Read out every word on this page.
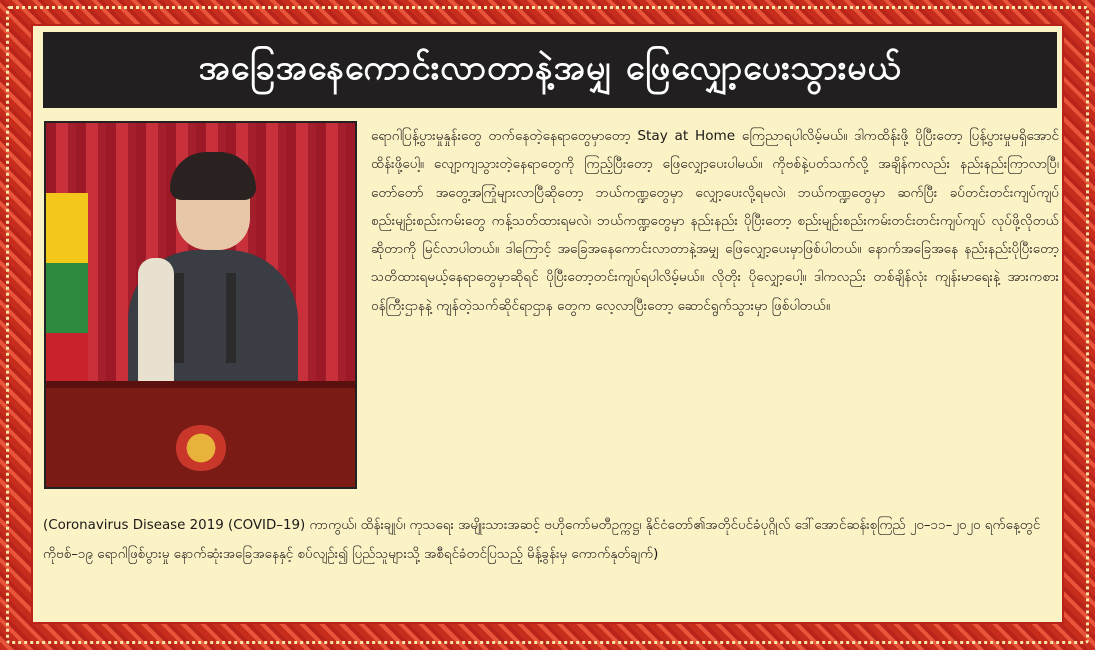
အခြေအနေကောင်းလာတာနဲ့အမျှ ဖြေလျှော့ပေးသွားမယ်
ရောဂါပြန့်ပွားမှုနှုန်းတွေ တက်နေတဲ့နေရာတွေမှာတော့ Stay at Home ကြေညာရပါလိမ့်မယ်။ ဒါကထိန်းဖို့ ပိုပြီးတော့ ပြန့်ပွားမှုမရှိအောင် ထိန်းဖို့ပေါ့။ လျော့ကျသွားတဲ့နေရာတွေကို ကြည့်ပြီးတော့ ဖြေလျှော့ပေးပါမယ်။ ကိုဗစ်နဲ့ပတ်သက်လို့ အချိန်ကလည်း နည်းနည်းကြာလာပြီ၊ တော်တော် အတွေ့အကြုံများလာပြီဆိုတော့ ဘယ်ကဏ္ဍတွေမှာ လျှော့ပေးလို့ရမလဲ၊ ဘယ်ကဏ္ဍတွေမှာ ဆက်ပြီး ခပ်တင်းတင်းကျပ်ကျပ် စည်းမျဉ်းစည်းကမ်းတွေ ကန့်သတ်ထားရမလဲ၊ ဘယ်ကဏ္ဍတွေမှာ နည်းနည်း ပိုပြီးတော့ စည်းမျဉ်းစည်းကမ်းတင်းတင်းကျပ်ကျပ် လုပ်ဖို့လိုတယ်ဆိုတာကို မြင်လာပါတယ်။ ဒါကြောင့် အခြေအနေကောင်းလာတာနဲ့အမျှ ဖြေလျှော့ပေးမှာဖြစ်ပါတယ်။ နောက်အခြေအနေ နည်းနည်းပိုပြီးတော့ သတိထားရမယ့်နေရာတွေမှာဆိုရင် ပိုပြီးတော့တင်းကျပ်ရပါလိမ့်မယ်။ လိုတိုး ပိုလျှော့ပေါ့။ ဒါကလည်း တစ်ချိန်လုံး ကျန်းမာရေးနဲ့ အားကစားဝန်ကြီးဌာနနဲ့ ကျန်တဲ့သက်ဆိုင်ရာဌာန တွေက လေ့လာပြီးတော့ ဆောင်ရွက်သွားမှာ ဖြစ်ပါတယ်။
(Coronavirus Disease 2019 (COVID–19) ကာကွယ်၊ ထိန်းချုပ်၊ ကုသရေး အမျိုးသားအဆင့် ဗဟိုကော်မတီဥက္ကဋ္ဌ၊ နိုင်ငံတော်၏အတိုင်ပင်ခံပုဂ္ဂိုလ် ဒေါ်အောင်ဆန်းစုကြည် ၂၀–၁၁–၂၀၂၀ ရက်နေ့တွင် ကိုဗစ်–၁၉ ရောဂါဖြစ်ပွားမှု နောက်ဆုံးအခြေအနေနှင့် စပ်လျဉ်း၍ ပြည်သူများသို့ အစီရင်ခံတင်ပြသည့် မိန့်ခွန်းမှ ကောက်နုတ်ချက်)
